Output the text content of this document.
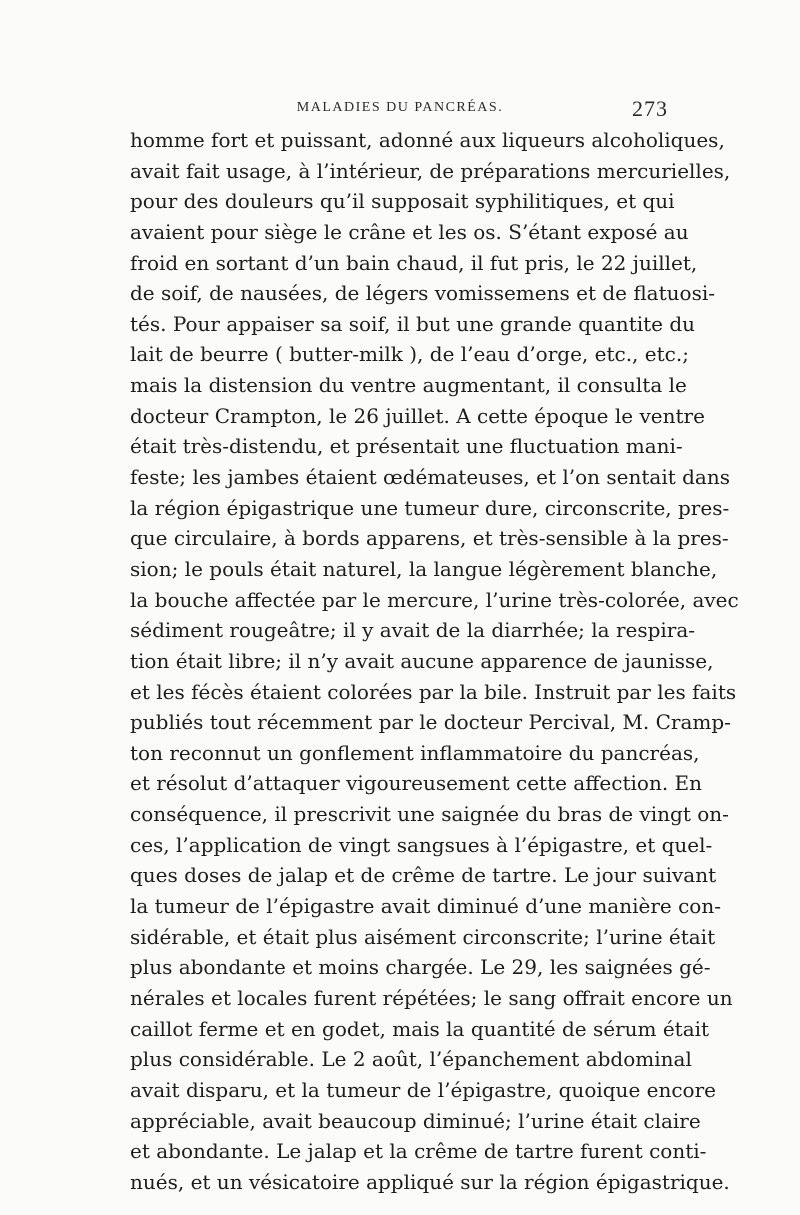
MALADIES DU PANCRÉAS.	273
homme fort et puissant, adonné aux liqueurs alcoholiques,
avait fait usage, à l’intérieur, de préparations mercurielles,
pour des douleurs qu’il supposait syphilitiques, et qui
avaient pour siège le crâne et les os. S’étant exposé au
froid en sortant d’un bain chaud, il fut pris, le 22 juillet,
de soif, de nausées, de légers vomissemens et de flatuosi-
tés. Pour appaiser sa soif, il but une grande quantite du
lait de beurre ( butter-milk ), de l’eau d’orge, etc., etc.;
mais la distension du ventre augmentant, il consulta le
docteur Crampton, le 26 juillet. A cette époque le ventre
était très-distendu, et présentait une fluctuation mani-
feste; les jambes étaient œdémateuses, et l’on sentait dans
la région épigastrique une tumeur dure, circonscrite, pres-
que circulaire, à bords apparens, et très-sensible à la pres-
sion; le pouls était naturel, la langue légèrement blanche,
la bouche affectée par le mercure, l’urine très-colorée, avec
sédiment rougeâtre; il y avait de la diarrhée; la respira-
tion était libre; il n’y avait aucune apparence de jaunisse,
et les fécès étaient colorées par la bile. Instruit par les faits
publiés tout récemment par le docteur Percival, M. Cramp-
ton reconnut un gonflement inflammatoire du pancréas,
et résolut d’attaquer vigoureusement cette affection. En
conséquence, il prescrivit une saignée du bras de vingt on-
ces, l’application de vingt sangsues à l’épigastre, et quel-
ques doses de jalap et de crême de tartre. Le jour suivant
la tumeur de l’épigastre avait diminué d’une manière con-
sidérable, et était plus aisément circonscrite; l’urine était
plus abondante et moins chargée. Le 29, les saignées gé-
nérales et locales furent répétées; le sang offrait encore un
caillot ferme et en godet, mais la quantité de sérum était
plus considérable. Le 2 août, l’épanchement abdominal
avait disparu, et la tumeur de l’épigastre, quoique encore
appréciable, avait beaucoup diminué; l’urine était claire
et abondante. Le jalap et la crême de tartre furent conti-
nués, et un vésicatoire appliqué sur la région épigastrique.
